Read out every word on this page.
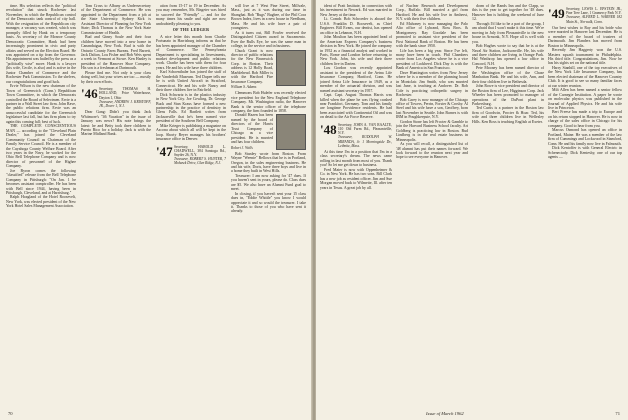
time. His selection reflects the "political revolution" that struck Rochester last November, in which the Republican control of the Democratic tank control of city hall. With the resignation of the Republican city manager, a vacancy was created, which was promptly filled by Hank on a temporary basis. As secretary of the Monroe County Democratic Committee, Hank had been increasingly prominent in civic and party affairs and served on the Election Board. He was appointed on a tip from the Governor. His appointment was hailed by the press as a "politically wise" move. Hank is a lawyer (his wife, Cecile, is also) and is active in the Junior Chamber of Commerce and the Rochester Park Commission. To the shelves, our congratulations and good luck.

Ervie Wilson is the new chairman of the Town of Greenwich (Conn.) Republican Town Committee, in which the Democrats controlled the Board of Selectmen. Ervie is a partner in a Wall Street law firm. John Rave, the public relations firm. Ervie was an unsuccessful candidate for the Greenwich legislature last fall, but has firm plans to try again this coming fall; best of luck.

THE COMPLETE CONSCIENTIOUS MAN — according to the "Cleveland Plain Dealer," has joined the Cleveland Community Council as Chairman of the Family Service Council. He is a member of the Cuyahoga County Welfare Board. After two years in the Navy, he worked for the Ohio Bell Telephone Company and is now director of personnel of the Highee Company.

Joe Byron comes the following "classified" release from the Bell Telephone Company in Pittsburgh: "On Jan. 1 he becomes assistant comptroller. He has been with Bell since 1944, having been in Pittsburgh, Cleveland, and at Harrisburg."

Ralph Hoagland of the Hotel Roosevelt, New York, was elected president of the New York Hotel Sales Management Association.

Tom Cross to Albany as Undersecretary of the Department of Commerce. He was appointed to the Department from a job at the State University. Sydney Kirk is Assistant Director of Planning for New York State; Dick Thomas is the New York State Commissioner of Health.

Bud and Ginny Soule and their four children have moved into a new home in Canandaigua, New York. Bud is with the Ontario County Farm Bureau. Fred Barrett, Jack Dalton, Lou Fisher and Bob Weis spent a week in Vermont at Stowe. Ken Hanley is president of the Hanover Shoe Company. His son is a freshman at Dartmouth.

Please find me. Not only is your class doing well, but your wives are too — mostly by their own efforts.

'46 Secretary, THOMAS H. HOLLAND, Price Waterhouse, Dayton 1, Ohio
Treasurer, ANDREW J. KRISTOFF, JR., Dover 1, N.J.

Dear Gang: Didn't you think Jack Whitmore's "46 Vacation" in the issue of January was news? His note brings the latest: he and Betty took three children to Puerto Rico for a holiday. Jack is with the Marine Midland Bank.

ation from 15-17 to 19 in December. As you may remember, Mr. Bisgeier was hired to succeed the "Friendly" ... and for the many times his smile and right are now undoubtedly pleasing to you.

OF THE LEDGER

A nice letter this month from Charlie Fortunato in Harrisburg informs us that he has been appointed manager of the Chamber of Commerce. The Pennsylvania Department is specializing in Investments, market development and public relations work. Charlie has been with them for four years. He and his wife have three children.

Karl Schoenthaler has joined the staff of the Vanderbilt Museum. Ted Dupee tells me he is with United Aircraft in Stratford, Connecticut. He and his wife Nancy and their three children live in Fairfield.

Dick Schwartz is in the plastics industry in New York City. Joe Cowling, Dr. George Buck and Stan Kraus have formed a new partnership in the practice of dentistry in Glens Falls. Ed Bartlett writes from Jacksonville that he's been named vice president of the Southern Bell Company.

Mike Krieger is publishing a magazine on Ascona about which all will be kept in the loop. Shorty Beyer manages his brothers' insurance office in Denver.

'47 Secretary, HAROLD L. CHADWELL, 384 Saratoga Rd., Snyder 26, N.Y.
Treasurer, ROBERT S. HUNTER, 7 Mohawk Drive, Glen Ridge, N.J.

will live at 7 West Pine Street, Millvale, Mass., just as it was during our time in Shanghai. Bob "Bugs" Bugbee, of the Phil Cora Brown Index, lives in a new house in Needham, Mass. He and his wife have a pair of youngsters.

As it turns out, Bill Fowler received the Distinguished Citizen award in Sacramento. Ever the Bulls Eye, he was the same man in college, in the service and in business.

Chuck Grant is now director of public relations for the New Brunswick Corp. in Boston. Their address is 12 Holly Road, Marblehead. Bob Miller is with the Hartford Fire Insurance Company.

William S. Adams

Clemmons Bob Hulefer was recently elected vice president for the New England Telephone Company. Mt. Washington radio, the Hanover Bank is the senior officer of the telephone company, the firm founded in 1858.

Donald Hazen has been named by the board of directors of the Harris Trust Company of Chicago as a vice president. He is married and has four children.

Robert J. Wells

Bob Stanley wrote from Boston. From Wayne "Weenie" Bellows that he is in Portland, Oregon, in the sales engineering business. He and his wife, Doris, have three boys and live in a home they built in West Hills.

Treasurer: I am now asking for '47 dues. If you haven't sent in yours, please do. Class dues are $5. We also have an Alumni Fund goal to meet.

In closing, if you haven't sent your 15 class dues in, "Eddie Whittle" you know I would appreciate it and so would the treasurer. I take it. Thanks to those of you who have sent it already.

70

ident of Pratt Institute, in connection with his investment in Newark. Ed was married in New Jersey at the time.

Lt. Comdr. Bob Schroeder is aboard the U.S.S. Franklin D. Roosevelt, as Chief Engineer. Bill Evans, our dentist, has opened an office in Lebanon, N.H.

John Moulton has been appointed head of the American Express Company's business division in New York. He joined the company in 1952 as a financial analyst and worked in Paris, Rome and London before returning to New York. John, his wife and their three children live in Darien.

Lou Gordon was recently appointed assistant to the president of the Aetna Life Insurance Company, Hartford, Conn. He joined Aetna Life Insurance in 1949, as a member of the actuarial division, and was named assistant secretary in 1957.

Capt. Capt. August Thomas Harris was killed when the plane he was flying crashed near Frankfort, Germany. Tom and his family are longtime Providence residents. He had been associated with Continental Oil and was on detail to the Air Force Reserve.

'48 Secretary, JOHN A. VAN RAALTE, 110 Old Farm Rd., Pleasantville, N.Y.
Treasurer, RUDOLPH W. MIRANDA, Jr. 1 Morningside Dr., Leibnitz, Mass.

At this time I'm in a position that I'm in a class secretary's dream. The news came rolling in last month from most of you. Thank you! So let me get down to business.

Fred Maier is now with Oppenheimer & Co. in New York. He has two sons. Bill Clark has a new job as resident officer. Jim and Sue Morgan moved back to Wilmette, Ill. after ten years in Texas. A great job by all.

of Nuclear Research and Development Corp., Buffalo. Bill married a girl from Hartford. He and his wife live in Amherst, N.Y. with their five children.

Ed Mahoney is now managing the Palo Alto office of Lybrand, Ross Bros. & Montgomery. Ray Goodale has been promoted to assistant vice president of the First National Bank of Boston. He has been with the bank since 1950.

Life has been a big year. Since I've left, many have been in touch. Phil Chambers wrote from Los Angeles where he is a vice president of Lockheed. Dick Day is with the Bank of America in San Francisco.

Dave Huntington writes from New Jersey where he is a member of the planning board in Montclair. Jim Smith, who was married last June, is teaching at Andover. Dr. Bob Cole is practicing orthopedic surgery in Rochester.

Bob Carey is now manager of the Chicago office of Towers, Perrin, Forster & Crosby. Al Steel and his wife have a son, Geoffrey, born last November in Seattle. John Barnes is with IBM in Poughkeepsie, N.Y.

Gordon Stone has left Procter & Gamble to join the Harvard Business School faculty. Art Goldberg is practicing law in Boston. Bud Lindberg is in the real estate business in Minneapolis.

As you will recall, a distinguished list of '48 alumni has put their names forward. We look forward to the reunion next year and hope to see everyone in Hanover.

dorm of the Rands Inn and the Clapp, so this is the year to get together for '48 dues. Hanover Inn is holding the weekend of June 12.

Through I'd like to be a part of the group, I am afraid that I won't make it this time. We're moving in July from Pleasantville to the new house in Armonk, N.Y. Hope all is well with you.

Bob Hughes wrote to say that he is at the Naval Air Station, Jacksonville. He, his wife and three children are living in Orange Park. Hal Winthrop has opened a law office in Concord, N.H.

Pete Mooney has been named director of the Washington office of the Chase Manhattan Bank. He and his wife, Ann, and their four children live in Bethesda.

John Rowe is vice president and director of the Boston firm of Lee, Higginson Corp. Jack Wheeler has been promoted to manager of operations of the DuPont plant in Parkersburg.

Ted Curtis is a partner in the Boston law firm of Goodwin, Procter & Hoar. Ted, his wife and three children live in Wellesley Hills. Ken Ross is teaching English at Exeter.

'49 Secretary, LEWIS L. EPSTEIN JR., Pine Tree Lane, 1 Gramercy Park N.Y.
Treasurer, ALFRED L. WARNER 182 Main St., Norwalk, Conn.

Our best wishes to Ray and his bride who were married in Hanover last December. He is a member of the board of trustees of Dartmouth. Jim Flanders has moved from Boston to Minneapolis.

Recently Jim Haggerty won the U.S. Masters squash tournament in Philadelphia. His third title. Congratulations, Jim. Now he has his sights set on the national title.

Harry Stanhill, one of the top executives of the New York Life Insurance Company, has been elected chairman of the Hanover Country Club. It is good to see so many familiar faces at our winter reunion.

Milt Allen has been named a senior fellow of the Carnegie Institution. A paper he wrote on molecular physics was published in the Journal of Applied Physics. He and his wife live in Princeton.

Bert Freese has made a trip to Europe and on his return stopped in Hanover. He is now in charge of the sales office in Chicago for his company. Good to hear from you.

Marcus Osmond has opened an office in Portland, Maine. He was a member of the law firm of Cummings and Lockwood in Stamford, Conn. He and his family now live in Falmouth.

Dick Kentoffer is with General Electric in Schenectady. Dick Kentesby, one of our top agents —

Issue of March 1962	71
